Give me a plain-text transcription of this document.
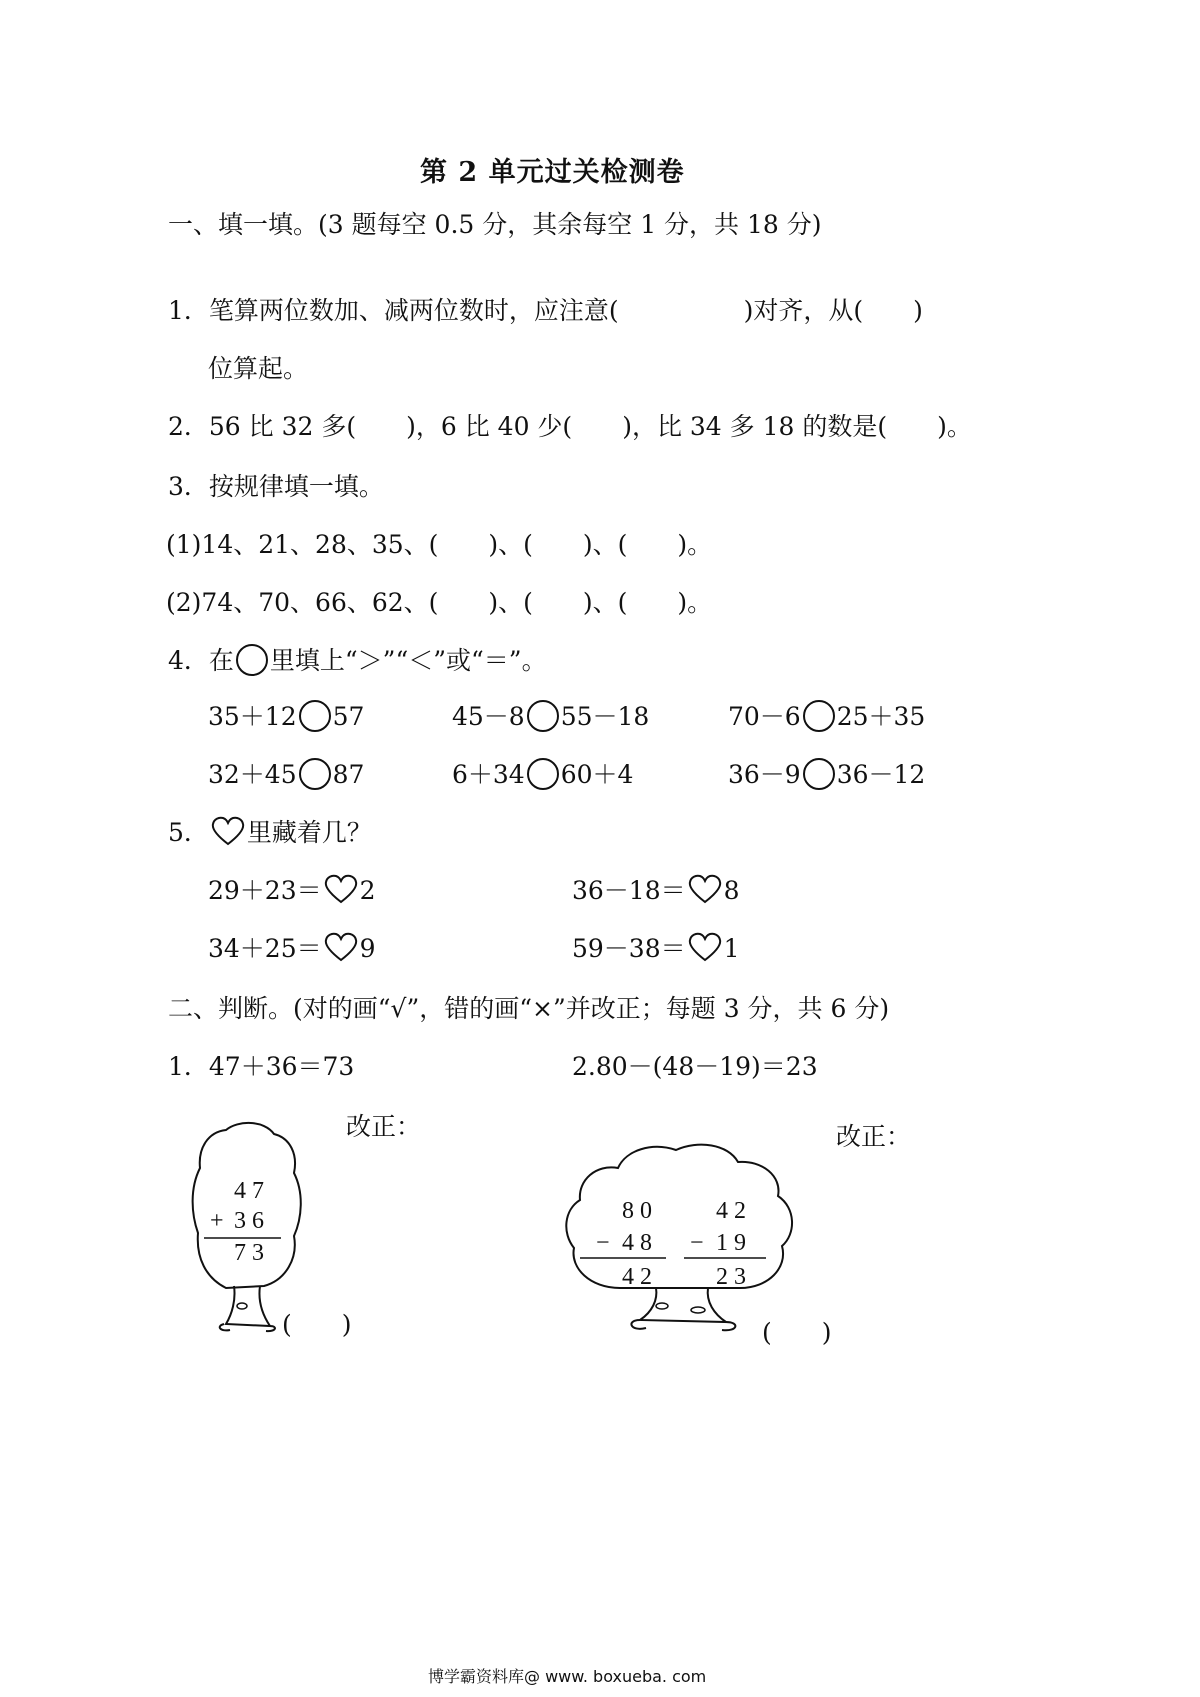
第 2 单元过关检测卷
一、填一填。(3 题每空 0.5 分，其余每空 1 分，共 18 分)
1．笔算两位数加、减两位数时，应注意(　　　　　)对齐，从(　　)
位算起。
2．56 比 32 多(　　)，6 比 40 少(　　)，比 34 多 18 的数是(　　)。
3．按规律填一填。
(1)14、21、28、35、(　　)、(　　)、(　　)。
(2)74、70、66、62、(　　)、(　　)、(　　)。
4．在 里填上“＞”“＜”或“＝”。
35＋12 57	45－8 55－18	70－6 25＋35
32＋45 87	6＋34 60＋4	36－9 36－12
5． 里藏着几？
29＋23＝ 2	36－18＝ 8
34＋25＝ 9	59－38＝ 1
二、判断。(对的画“√”，错的画“×”并改正；每题 3 分，共 6 分)
1．47＋36＝73	2.80－(48－19)＝23
改正：	改正：
4 7
+ 3 6
7 3
(　　)
8 0
− 4 8
4 2
4 2
− 1 9
2 3
(　　)
博学霸资料库@ www. boxueba. com
